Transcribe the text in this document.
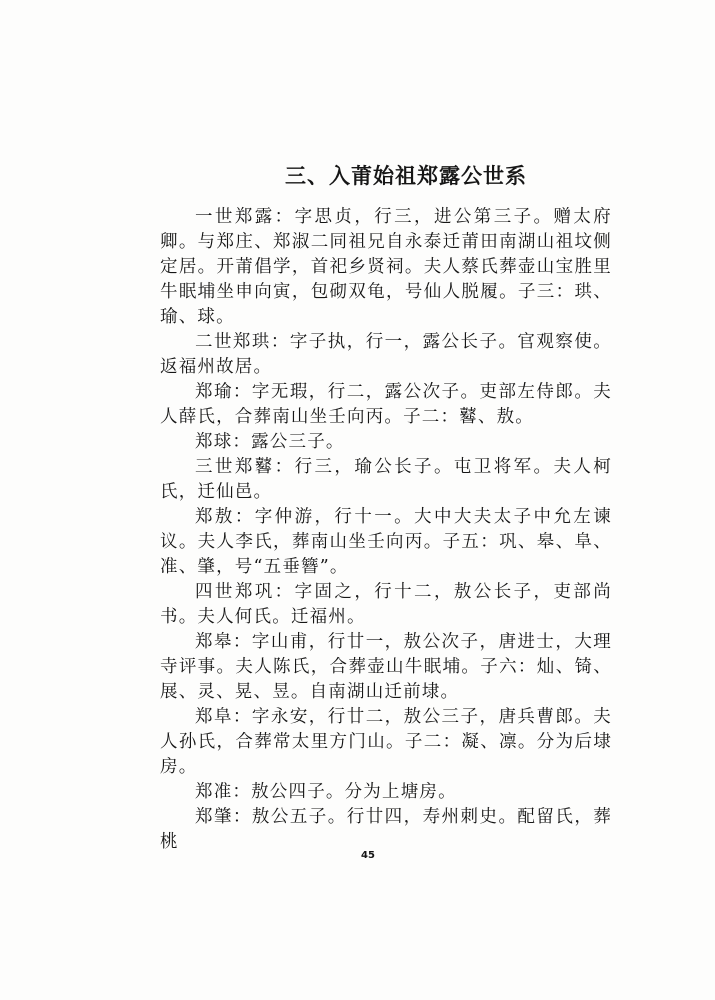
三、入莆始祖郑露公世系

一世郑露：字思贞，行三，进公第三子。赠太府卿。与郑庄、郑淑二同祖兄自永泰迁莆田南湖山祖坟侧定居。开莆倡学，首祀乡贤祠。夫人蔡氏葬壶山宝胜里牛眠埔坐申向寅，包砌双龟，号仙人脱履。子三：珙、瑜、球。

二世郑珙：字子执，行一，露公长子。官观察使。返福州故居。

郑瑜：字无瑕，行二，露公次子。吏部左侍郎。夫人薛氏，合葬南山坐壬向丙。子二：鼛、敖。

郑球：露公三子。

三世郑鼛：行三，瑜公长子。屯卫将军。夫人柯氏，迁仙邑。

郑敖：字仲游，行十一。大中大夫太子中允左谏议。夫人李氏，葬南山坐壬向丙。子五：巩、皋、阜、准、肇，号“五垂簪”。

四世郑巩：字固之，行十二，敖公长子，吏部尚书。夫人何氏。迁福州。

郑皋：字山甫，行廿一，敖公次子，唐进士，大理寺评事。夫人陈氏，合葬壶山牛眠埔。子六：灿、锜、展、灵、晃、昱。自南湖山迁前埭。

郑阜：字永安，行廿二，敖公三子，唐兵曹郎。夫人孙氏，合葬常太里方门山。子二：凝、凛。分为后埭房。

郑准：敖公四子。分为上塘房。

郑肇：敖公五子。行廿四，寿州刺史。配留氏，葬桃

45
